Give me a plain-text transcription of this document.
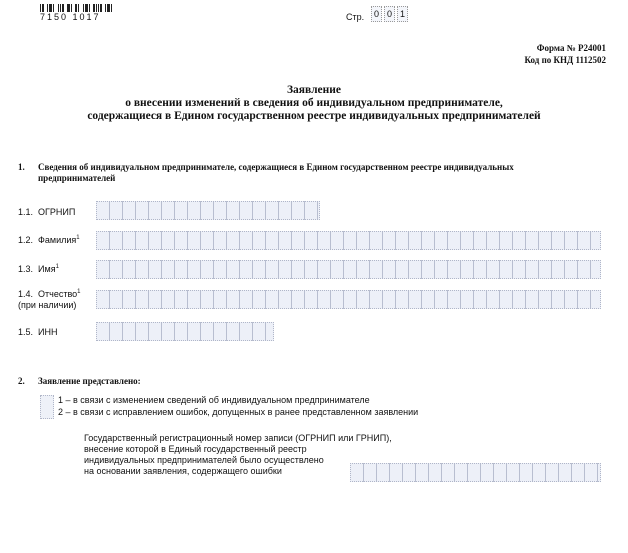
7150 1017	Стр.	0 0 1
Форма № Р24001
Код по КНД 1112502
Заявление
о внесении изменений в сведения об индивидуальном предпринимателе,
содержащиеся в Едином государственном реестре индивидуальных предпринимателей
1. Сведения об индивидуальном предпринимателе, содержащиеся в Едином государственном реестре индивидуальных
предпринимателей
1.1. ОГРНИП
1.2. Фамилия$^1$
1.3. Имя$^1$
1.4. Отчество$^1$
(при наличии)
1.5. ИНН
2. Заявление представлено:
1 – в связи с изменением сведений об индивидуальном предпринимателе
2 – в связи с исправлением ошибок, допущенных в ранее представленном заявлении
Государственный регистрационный номер записи (ОГРНИП или ГРНИП),
внесение которой в Единый государственный реестр
индивидуальных предпринимателей было осуществлено
на основании заявления, содержащего ошибки
